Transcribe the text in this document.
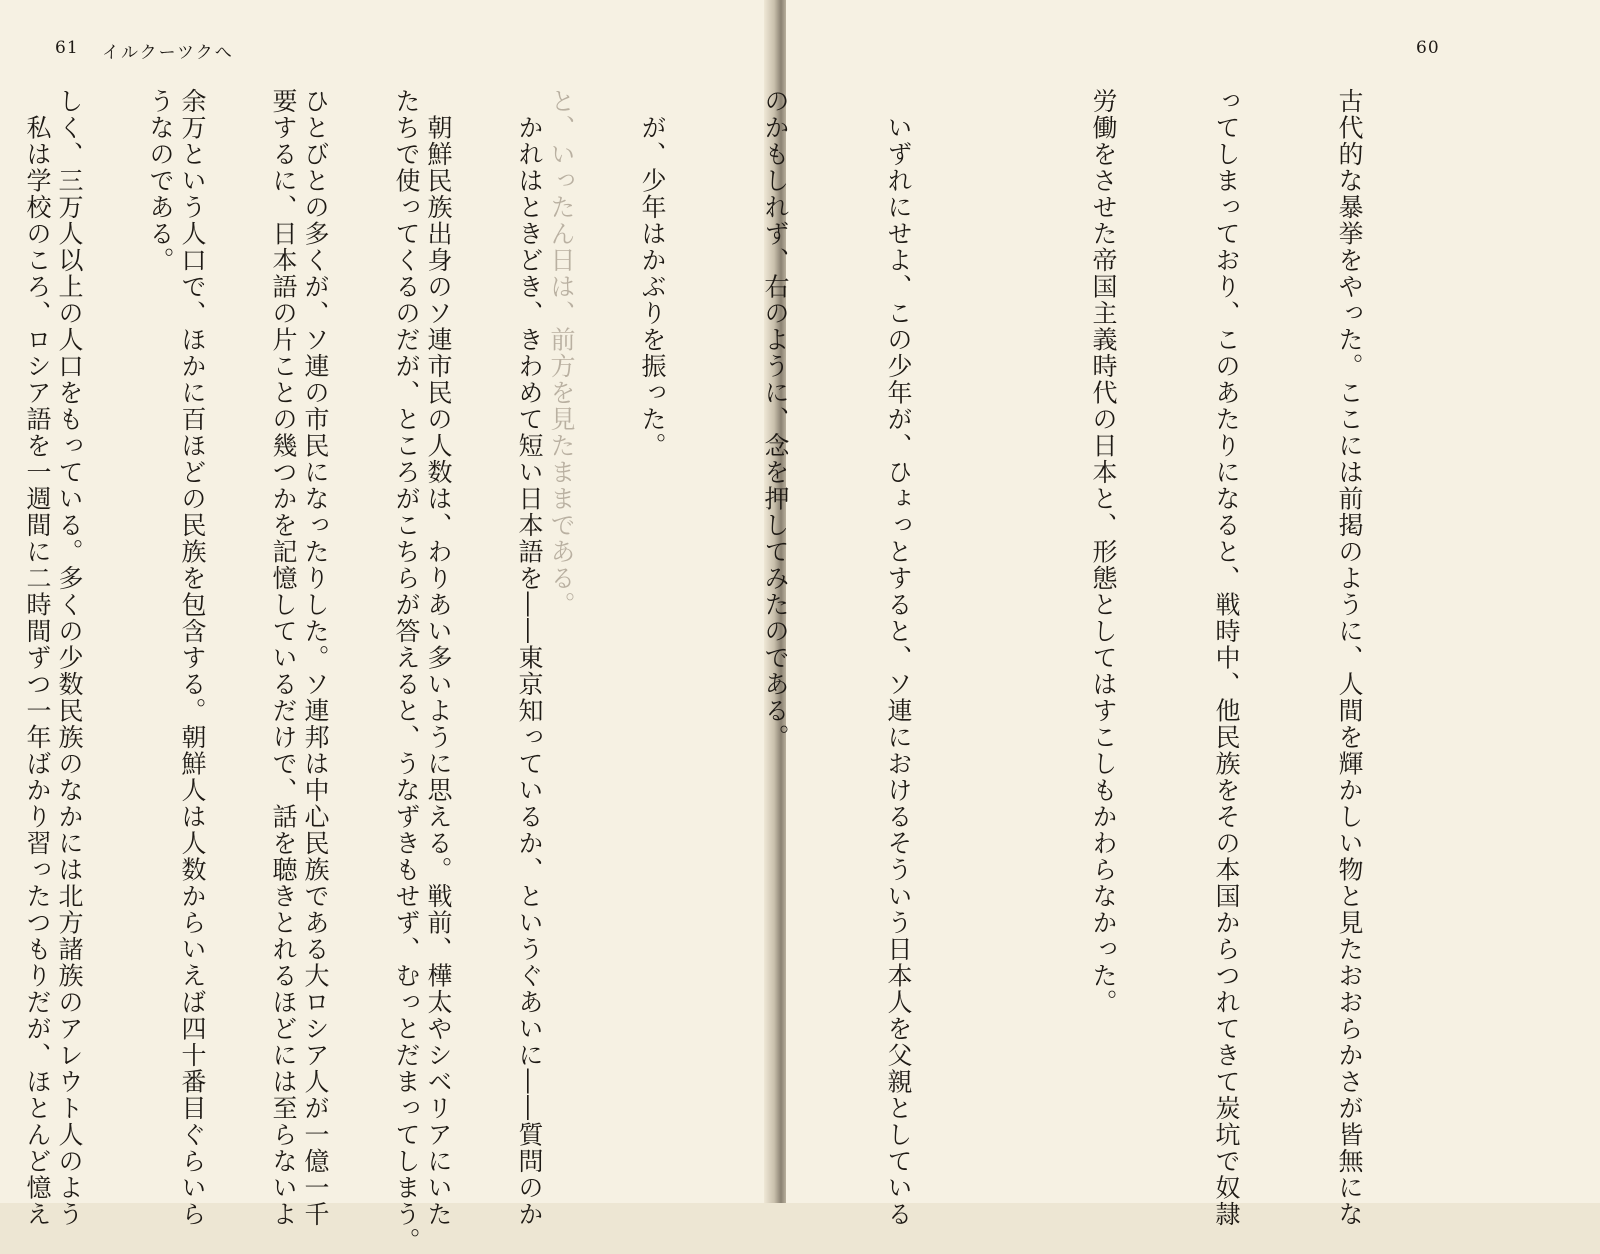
61 イルクーツクへ

と、いったん日は、前方を見たままである。

　朝鮮民族出身のソ連市民の人数は、わりあい多いように思える。戦前、樺太やシベリアにいた

ひとびとの多くが、ソ連の市民になったりした。ソ連邦は中心民族である大ロシア人が一億一千

余万という人口で、ほかに百ほどの民族を包含する。朝鮮人は人数からいえば四十番目ぐらいら

しく、三万人以上の人口をもっている。多くの少数民族のなかには北方諸族のアレウト人のよう

60

古代的な暴挙をやった。ここには前掲のように、人間を輝かしい物と見たおおらかさが皆無にな

ってしまっており、このあたりになると、戦時中、他民族をその本国からつれてきて炭坑で奴隷

労働をさせた帝国主義時代の日本と、形態としてはすこしもかわらなかった。

　いずれにせよ、この少年が、ひょっとすると、ソ連におけるそういう日本人を父親としている

のかもしれず、右のように、念を押してみたのである。

　が、少年はかぶりを振った。

　かれはときどき、きわめて短い日本語を――東京知っているか、というぐあいに――質問のか

たちで使ってくるのだが、ところがこちらが答えると、うなずきもせず、むっとだまってしまう。

要するに、日本語の片ことの幾つかを記憶しているだけで、話を聴きとれるほどには至らないよ

うなのである。

　私は学校のころ、ロシア語を一週間に二時間ずつ一年ばかり習ったつもりだが、ほとんど憶え
